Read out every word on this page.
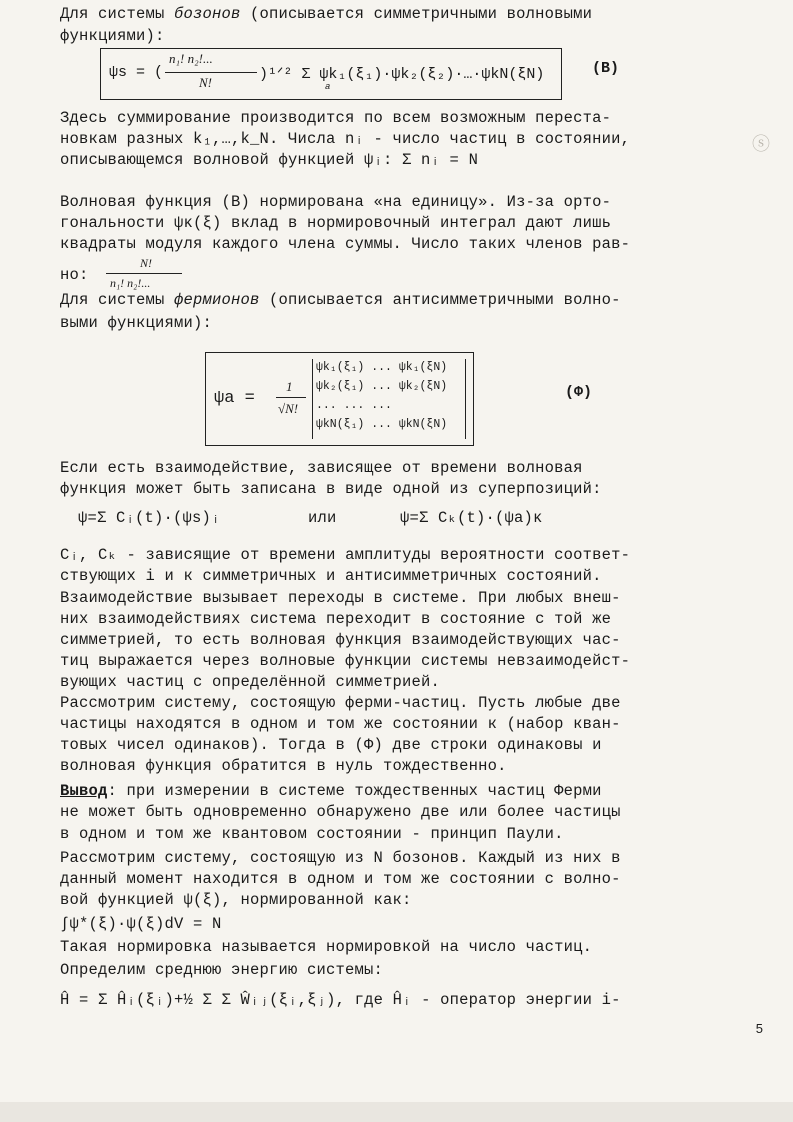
ⓢ
Для системы бозонов (описывается симметричными волновыми
функциями):
ψs = (
n₁! n₂!...
N!	)¹ᐟ² Σ ψk₁(ξ₁)·ψk₂(ξ₂)·…·ψkN(ξN)
a
(B)
Здесь суммирование производится по всем возможным переста-
новкам разных k₁,…,k_N. Числа nᵢ - число частиц в состоянии,
описывающемся волновой функцией ψᵢ: Σ nᵢ = N
Волновая функция (B) нормирована «на единицу». Из-за орто-
гональности ψκ(ξ) вклад в нормировочный интеграл дают лишь
квадраты модуля каждого члена суммы. Число таких членов рав-
но:
N!
n₁! n₂!...
Для системы фермионов (описывается антисимметричными волно-
выми функциями):
ψa =
1
√N!
ψk₁(ξ₁) ... ψk₁(ξN)
ψk₂(ξ₁) ... ψk₂(ξN)
... ... ...
ψkN(ξ₁) ... ψkN(ξN)
(Φ)
Если есть взаимодействие, зависящее от времени волновая
функция может быть записана в виде одной из суперпозиций:
ψ=Σ Cᵢ(t)·(ψs)ᵢ	или	ψ=Σ Cₖ(t)·(ψa)κ
Cᵢ, Cₖ - зависящие от времени амплитуды вероятности соответ-
ствующих i и к симметричных и антисимметричных состояний.
Взаимодействие вызывает переходы в системе. При любых внеш-
них взаимодействиях система переходит в состояние с той же
симметрией, то есть волновая функция взаимодействующих час-
тиц выражается через волновые функции системы невзаимодейст-
вующих частиц с определённой симметрией.
Рассмотрим систему, состоящую ферми-частиц. Пусть любые две
частицы находятся в одном и том же состоянии к (набор кван-
товых чисел одинаков). Тогда в (Φ) две строки одинаковы и
волновая функция обратится в нуль тождественно.
Вывод: при измерении в системе тождественных частиц Ферми
не может быть одновременно обнаружено две или более частицы
в одном и том же квантовом состоянии - принцип Паули.
Рассмотрим систему, состоящую из N бозонов. Каждый из них в
данный момент находится в одном и том же состоянии с волно-
вой функцией ψ(ξ), нормированной как:
∫ψ*(ξ)·ψ(ξ)dV = N
Такая нормировка называется нормировкой на число частиц.
Определим среднюю энергию системы:
Ĥ = Σ Ĥᵢ(ξᵢ)+½ Σ Σ Ŵᵢⱼ(ξᵢ,ξⱼ), где Ĥᵢ - оператор энергии i-
5
